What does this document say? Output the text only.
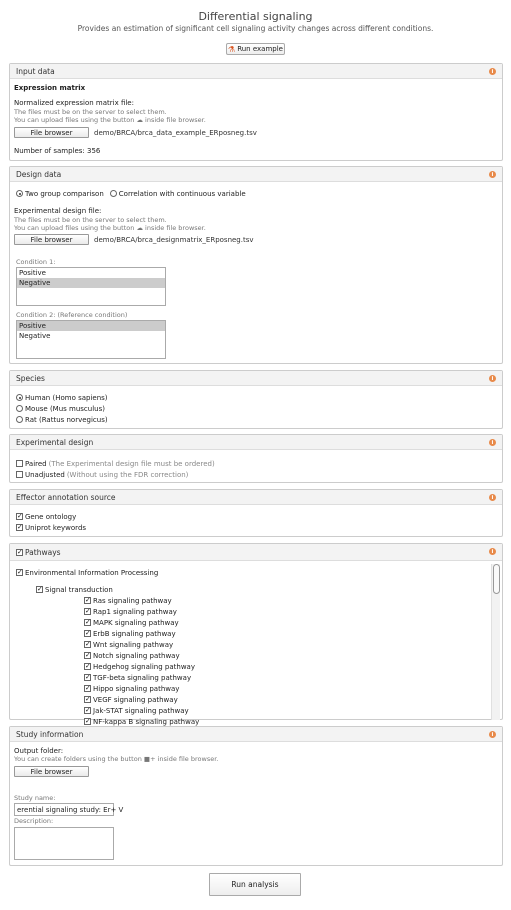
Differential signaling
Provides an estimation of significant cell signaling activity changes across different conditions.
⚗ Run example
Input data	i
Expression matrix
Normalized expression matrix file:
The files must be on the server to select them.
You can upload files using the button ☁ inside file browser.
File browser	demo/BRCA/brca_data_example_ERposneg.tsv
Number of samples: 356
Design data	i
Two group comparison Correlation with continuous variable
Experimental design file:
The files must be on the server to select them.
You can upload files using the button ☁ inside file browser.
File browser	demo/BRCA/brca_designmatrix_ERposneg.tsv
Condition 1:
Positive
Negative
Condition 2: (Reference condition)
Positive
Negative
Species	i
Human (Homo sapiens)
Mouse (Mus musculus)
Rat (Rattus norvegicus)
Experimental design	i
Paired (The Experimental design file must be ordered)
Unadjusted (Without using the FDR correction)
Effector annotation source	i
✓ Gene ontology
✓ Uniprot keywords
✓ Pathways	i
✓ Environmental Information Processing
✓ Signal transduction
✓ Ras signaling pathway
✓ Rap1 signaling pathway
✓ MAPK signaling pathway
✓ ErbB signaling pathway
✓ Wnt signaling pathway
✓ Notch signaling pathway
✓ Hedgehog signaling pathway
✓ TGF-beta signaling pathway
✓ Hippo signaling pathway
✓ VEGF signaling pathway
✓ Jak-STAT signaling pathway
✓ NF-kappa B signaling pathway
Study information	i
Output folder:
You can create folders using the button ■+ inside file browser.
File browser
Study name:
erential signaling study: Er+ V
Description:
Run analysis
